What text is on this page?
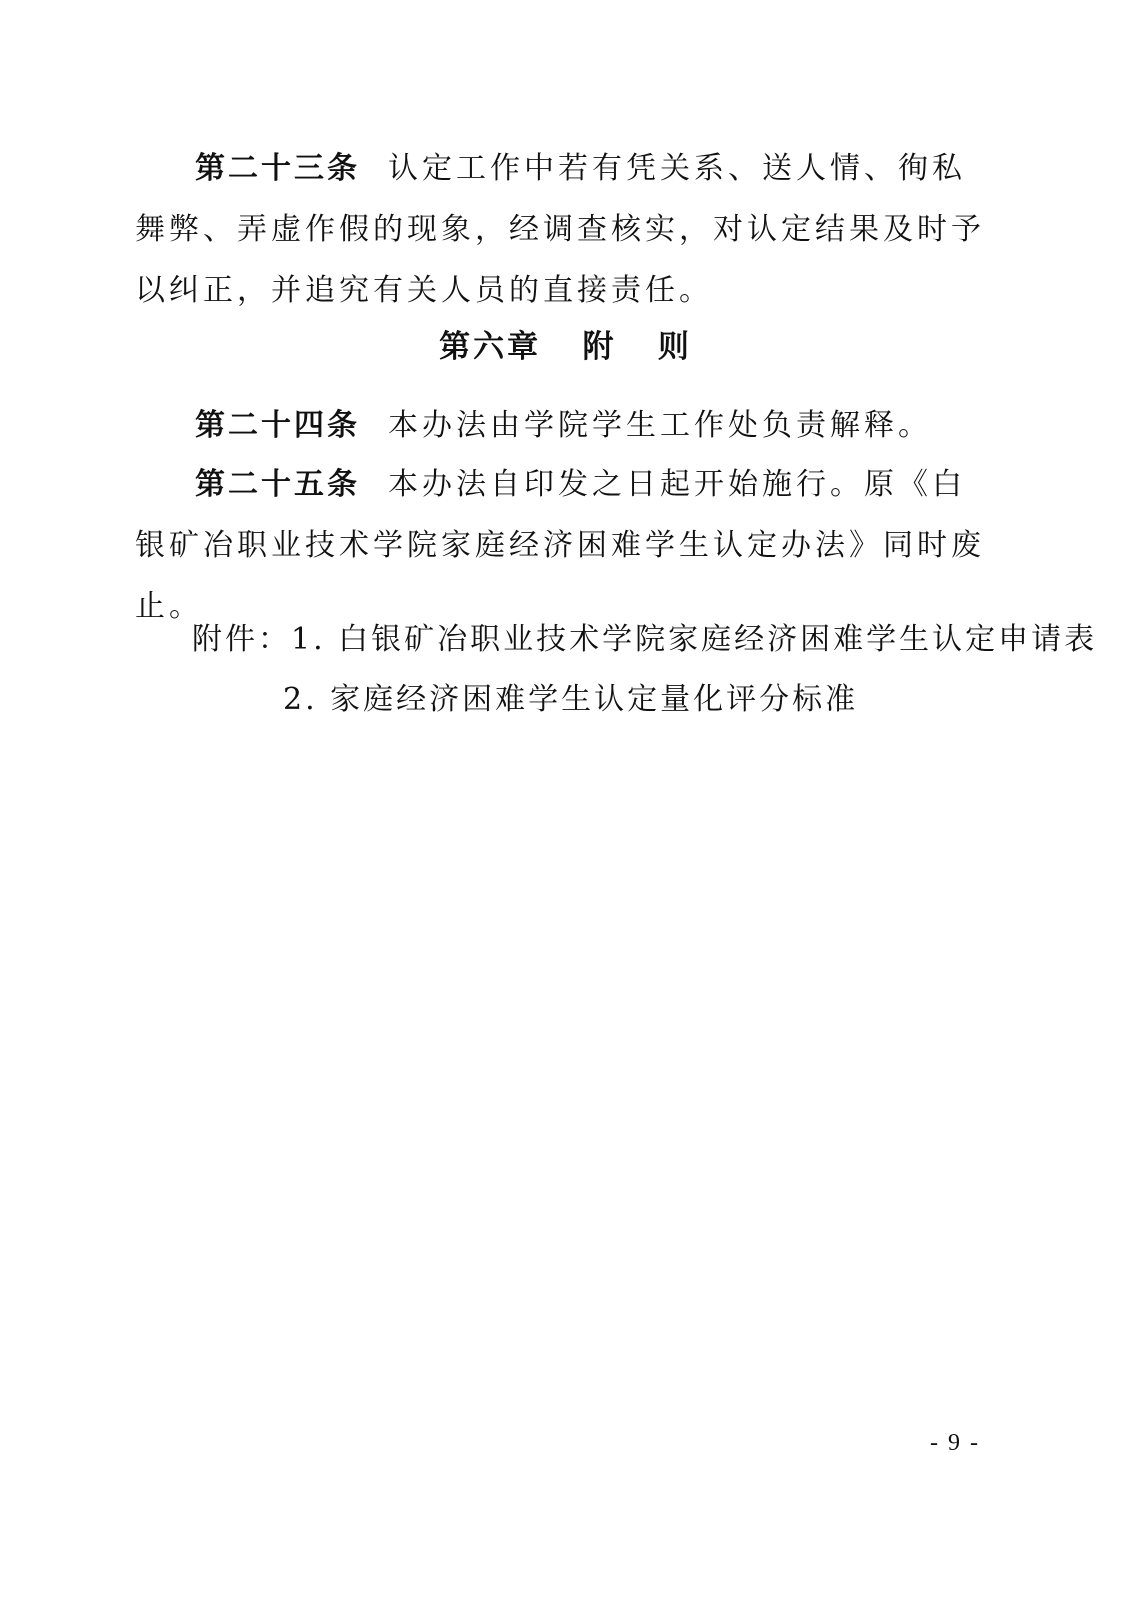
第二十三条 认定工作中若有凭关系、送人情、徇私舞弊、弄虚作假的现象，经调查核实，对认定结果及时予以纠正，并追究有关人员的直接责任。

第六章   附   则

第二十四条 本办法由学院学生工作处负责解释。

第二十五条 本办法自印发之日起开始施行。原《白银矿冶职业技术学院家庭经济困难学生认定办法》同时废止。

附件：1. 白银矿冶职业技术学院家庭经济困难学生认定申请表
2. 家庭经济困难学生认定量化评分标准
- 9 -
